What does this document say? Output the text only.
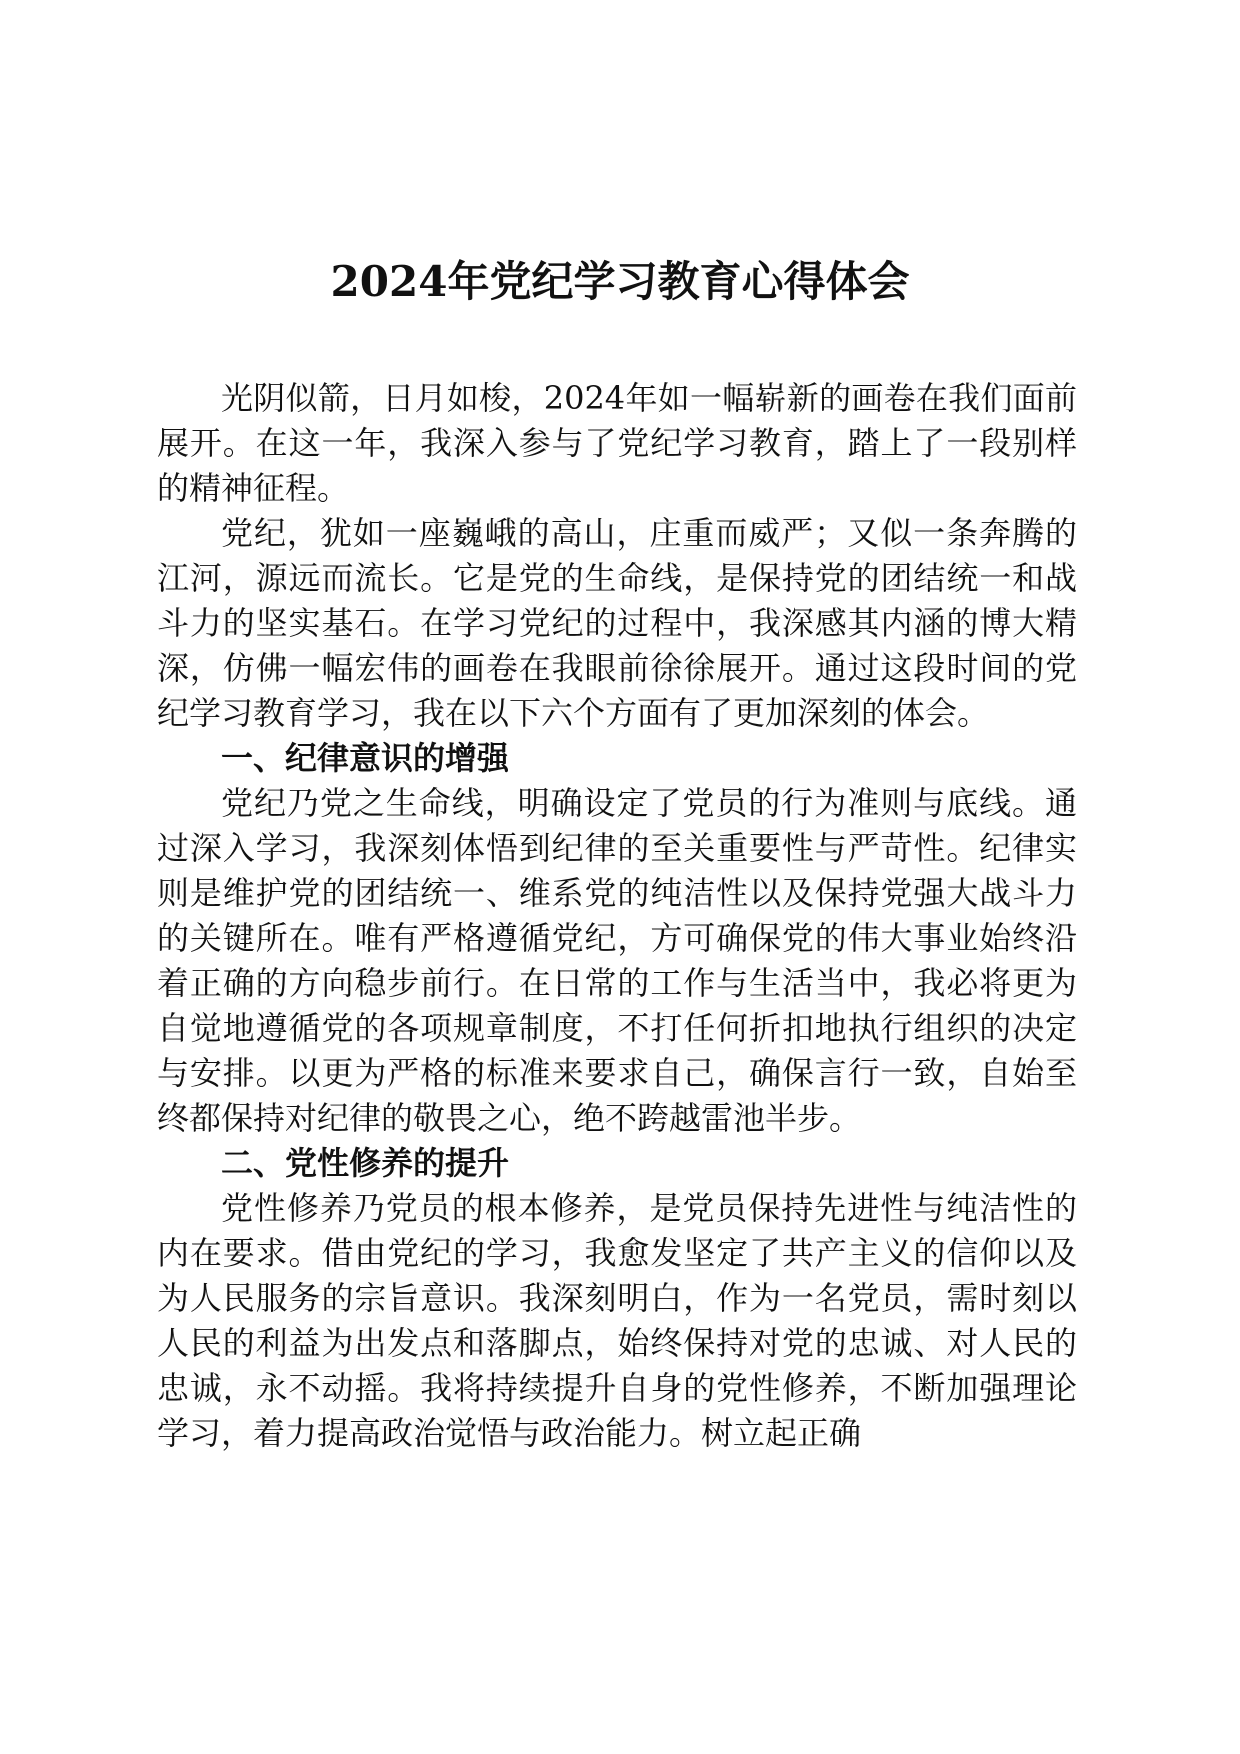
2024年党纪学习教育心得体会

光阴似箭，日月如梭，2024年如一幅崭新的画卷在我们面前展开。在这一年，我深入参与了党纪学习教育，踏上了一段别样的精神征程。

党纪，犹如一座巍峨的高山，庄重而威严；又似一条奔腾的江河，源远而流长。它是党的生命线，是保持党的团结统一和战斗力的坚实基石。在学习党纪的过程中，我深感其内涵的博大精深，仿佛一幅宏伟的画卷在我眼前徐徐展开。通过这段时间的党纪学习教育学习，我在以下六个方面有了更加深刻的体会。

一、纪律意识的增强

党纪乃党之生命线，明确设定了党员的行为准则与底线。通过深入学习，我深刻体悟到纪律的至关重要性与严苛性。纪律实则是维护党的团结统一、维系党的纯洁性以及保持党强大战斗力的关键所在。唯有严格遵循党纪，方可确保党的伟大事业始终沿着正确的方向稳步前行。在日常的工作与生活当中，我必将更为自觉地遵循党的各项规章制度，不打任何折扣地执行组织的决定与安排。以更为严格的标准来要求自己，确保言行一致，自始至终都保持对纪律的敬畏之心，绝不跨越雷池半步。

二、党性修养的提升

党性修养乃党员的根本修养，是党员保持先进性与纯洁性的内在要求。借由党纪的学习，我愈发坚定了共产主义的信仰以及为人民服务的宗旨意识。我深刻明白，作为一名党员，需时刻以人民的利益为出发点和落脚点，始终保持对党的忠诚、对人民的忠诚，永不动摇。我将持续提升自身的党性修养，不断加强理论学习，着力提高政治觉悟与政治能力。树立起正确
